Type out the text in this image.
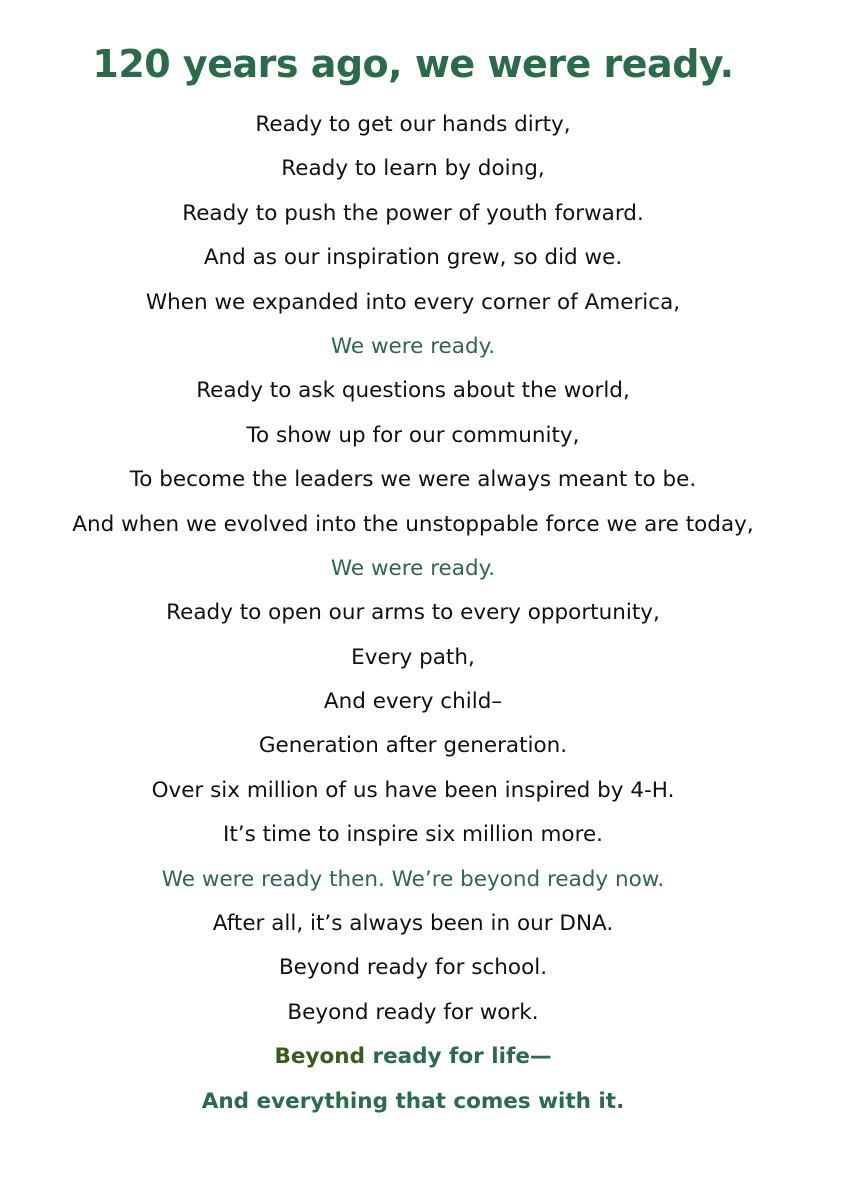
120 years ago, we were ready.
Ready to get our hands dirty,
Ready to learn by doing,
Ready to push the power of youth forward.
And as our inspiration grew, so did we.
When we expanded into every corner of America,
We were ready.
Ready to ask questions about the world,
To show up for our community,
To become the leaders we were always meant to be.
And when we evolved into the unstoppable force we are today,
We were ready.
Ready to open our arms to every opportunity,
Every path,
And every child–
Generation after generation.
Over six million of us have been inspired by 4-H.
It’s time to inspire six million more.
We were ready then. We’re beyond ready now.
After all, it’s always been in our DNA.
Beyond ready for school.
Beyond ready for work.
Beyond ready for life—
And everything that comes with it.
